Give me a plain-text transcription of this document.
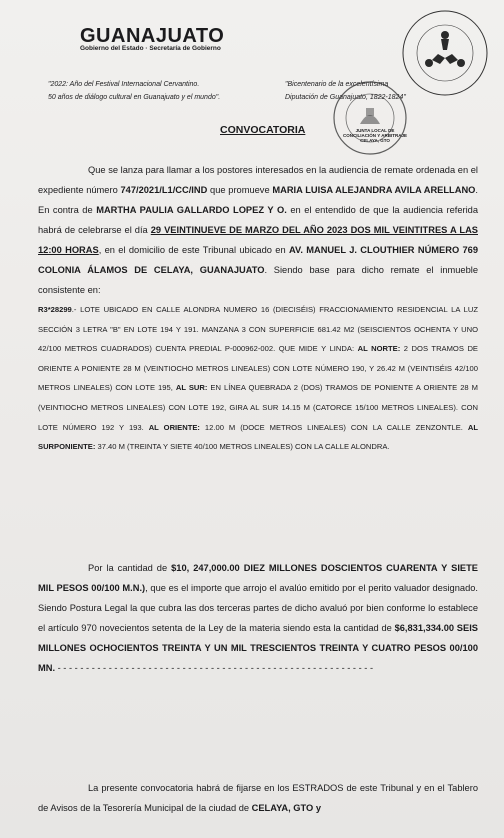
GUANAJUATO
Gobierno del Estado · Secretaría de Gobierno
"2022: Año del Festival Internacional Cervantino.
50 años de diálogo cultural en Guanajuato y el mundo".
"Bicentenario de la excelentísima
Diputación de Guanajuato, 1822-1824"
JUNTA LOCAL DE CONCILIACIÓN Y ARBITRAJE CELAYA, GTO
CONVOCATORIA
Que se lanza para llamar a los postores interesados en la audiencia de remate ordenada en el expediente número 747/2021/L1/CC/IND que promueve MARIA LUISA ALEJANDRA AVILA ARELLANO. En contra de MARTHA PAULIA GALLARDO LOPEZ Y O. en el entendido de que la audiencia referida habrá de celebrarse el día 29 VEINTINUEVE DE MARZO DEL AÑO 2023 DOS MIL VEINTITRES A LAS 12:00 HORAS, en el domicilio de este Tribunal ubicado en AV. MANUEL J. CLOUTHIER NÚMERO 769 COLONIA ÁLAMOS DE CELAYA, GUANAJUATO. Siendo base para dicho remate el inmueble consistente en:
R3*28299.- LOTE UBICADO EN CALLE ALONDRA NUMERO 16 (DIECISÉIS) FRACCIONAMIENTO RESIDENCIAL LA LUZ SECCIÓN 3 LETRA "B" EN LOTE 194 Y 191. MANZANA 3 CON SUPERFICIE 681.42 M2 (SEISCIENTOS OCHENTA Y UNO 42/100 METROS CUADRADOS) CUENTA PREDIAL P-000962-002. QUE MIDE Y LINDA: AL NORTE: 2 DOS TRAMOS DE ORIENTE A PONIENTE 28 M (VEINTIOCHO METROS LINEALES) CON LOTE NÚMERO 190, Y 26.42 M (VEINTISÉIS 42/100 METROS LINEALES) CON LOTE 195, AL SUR: EN LÍNEA QUEBRADA 2 (DOS) TRAMOS DE PONIENTE A ORIENTE 28 M (VEINTIOCHO METROS LINEALES) CON LOTE 192, GIRA AL SUR 14.15 M (CATORCE 15/100 METROS LINEALES). CON LOTE NÚMERO 192 Y 193. AL ORIENTE: 12.00 M (DOCE METROS LINEALES) CON LA CALLE ZENZONTLE. AL SURPONIENTE: 37.40 M (TREINTA Y SIETE 40/100 METROS LINEALES) CON LA CALLE ALONDRA.
Por la cantidad de $10, 247,000.00 DIEZ MILLONES DOSCIENTOS CUARENTA Y SIETE MIL PESOS 00/100 M.N.), que es el importe que arrojo el avalúo emitido por el perito valuador designado. Siendo Postura Legal la que cubra las dos terceras partes de dicho avaluó por bien conforme lo establece el artículo 970 novecientos setenta de la Ley de la materia siendo esta la cantidad de $6,831,334.00 SEIS MILLONES OCHOCIENTOS TREINTA Y UN MIL TRESCIENTOS TREINTA Y CUATRO PESOS 00/100 MN. - - - - - - - - - - - - - - - - - - - - - - - - - - - - - - - - - - - - - - - - - - - - - - - - - - - - - - - -
La presente convocatoria habrá de fijarse en los ESTRADOS de este Tribunal y en el Tablero de Avisos de la Tesorería Municipal de la ciudad de CELAYA, GTO y
